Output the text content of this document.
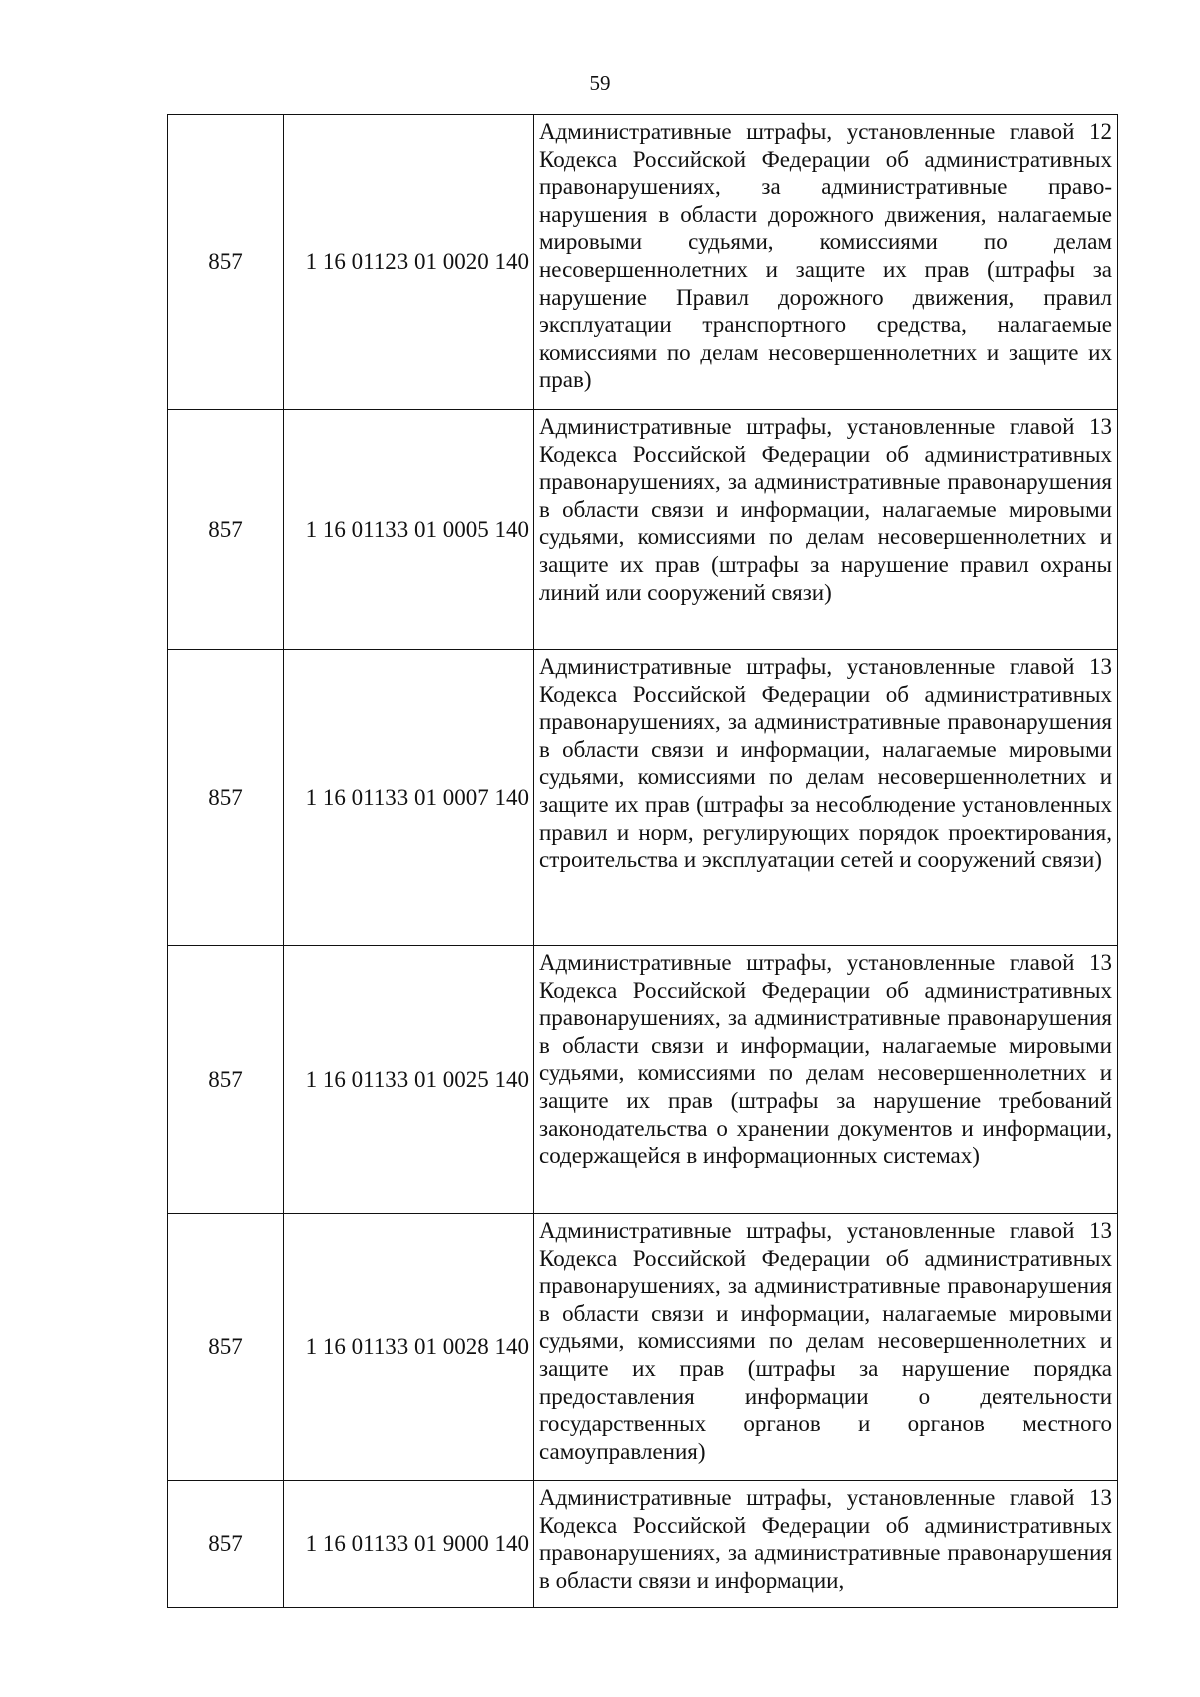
59
857	1 16 01123 01 0020 140	Административные штрафы, установленные главой 12 Кодекса Российской Федерации об административных правонарушениях, за административные право-нарушения в области дорожного движения, налагаемые мировыми судьями, комиссиями по делам несовершеннолетних и защите их прав (штрафы за нарушение Правил дорожного движения, правил эксплуатации транспортного средства, налагаемые комиссиями по делам несовершеннолетних и защите их прав)
857	1 16 01133 01 0005 140	Административные штрафы, установленные главой 13 Кодекса Российской Федерации об административных правонарушениях, за административные правонарушения в области связи и информации, налагаемые мировыми судьями, комиссиями по делам несовершеннолетних и защите их прав (штрафы за нарушение правил охраны линий или сооружений связи)
857	1 16 01133 01 0007 140	Административные штрафы, установленные главой 13 Кодекса Российской Федерации об административных правонарушениях, за административные правонарушения в области связи и информации, налагаемые мировыми судьями, комиссиями по делам несовершеннолетних и защите их прав (штрафы за несоблюдение установленных правил и норм, регулирующих порядок проектирования, строительства и эксплуатации сетей и сооружений связи)
857	1 16 01133 01 0025 140	Административные штрафы, установленные главой 13 Кодекса Российской Федерации об административных правонарушениях, за административные правонарушения в области связи и информации, налагаемые мировыми судьями, комиссиями по делам несовершеннолетних и защите их прав (штрафы за нарушение требований законодательства о хранении документов и информации, содержащейся в информационных системах)
857	1 16 01133 01 0028 140	Административные штрафы, установленные главой 13 Кодекса Российской Федерации об административных правонарушениях, за административные правонарушения в области связи и информации, налагаемые мировыми судьями, комиссиями по делам несовершеннолетних и защите их прав (штрафы за нарушение порядка предоставления информации о деятельности государственных органов и органов местного самоуправления)
857	1 16 01133 01 9000 140	Административные штрафы, установленные главой 13 Кодекса Российской Федерации об административных правонарушениях, за административные правонарушения в области связи и информации,
